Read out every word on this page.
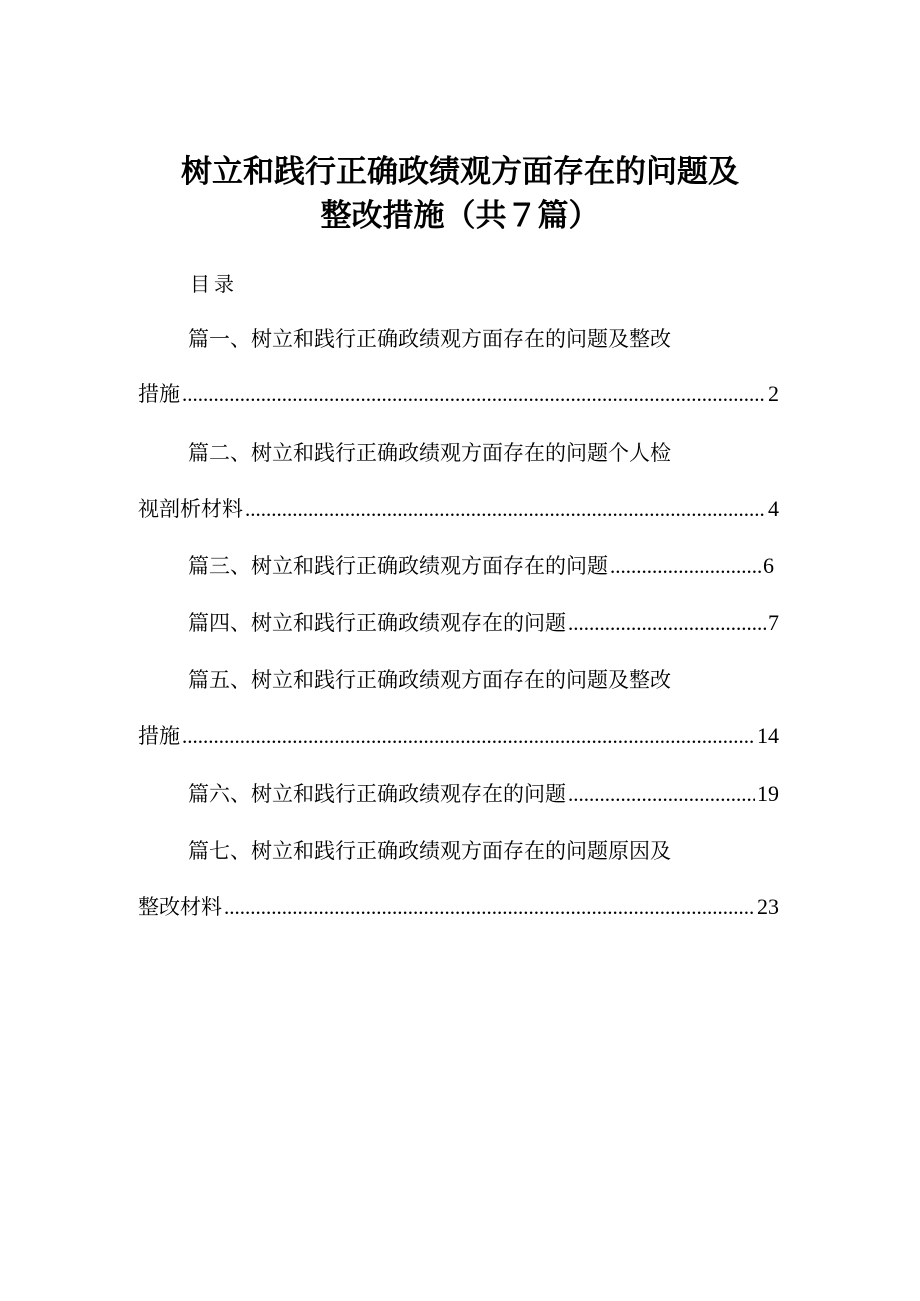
树立和践行正确政绩观方面存在的问题及
整改措施（共７篇）
目录
篇一、树立和践行正确政绩观方面存在的问题及整改
措施 .....	2
篇二、树立和践行正确政绩观方面存在的问题个人检
视剖析材料 .....	4
篇三、树立和践行正确政绩观方面存在的问题 .....	6
篇四、树立和践行正确政绩观存在的问题 .....	7
篇五、树立和践行正确政绩观方面存在的问题及整改
措施 .....	14
篇六、树立和践行正确政绩观存在的问题 .....	19
篇七、树立和践行正确政绩观方面存在的问题原因及
整改材料 .....	23
